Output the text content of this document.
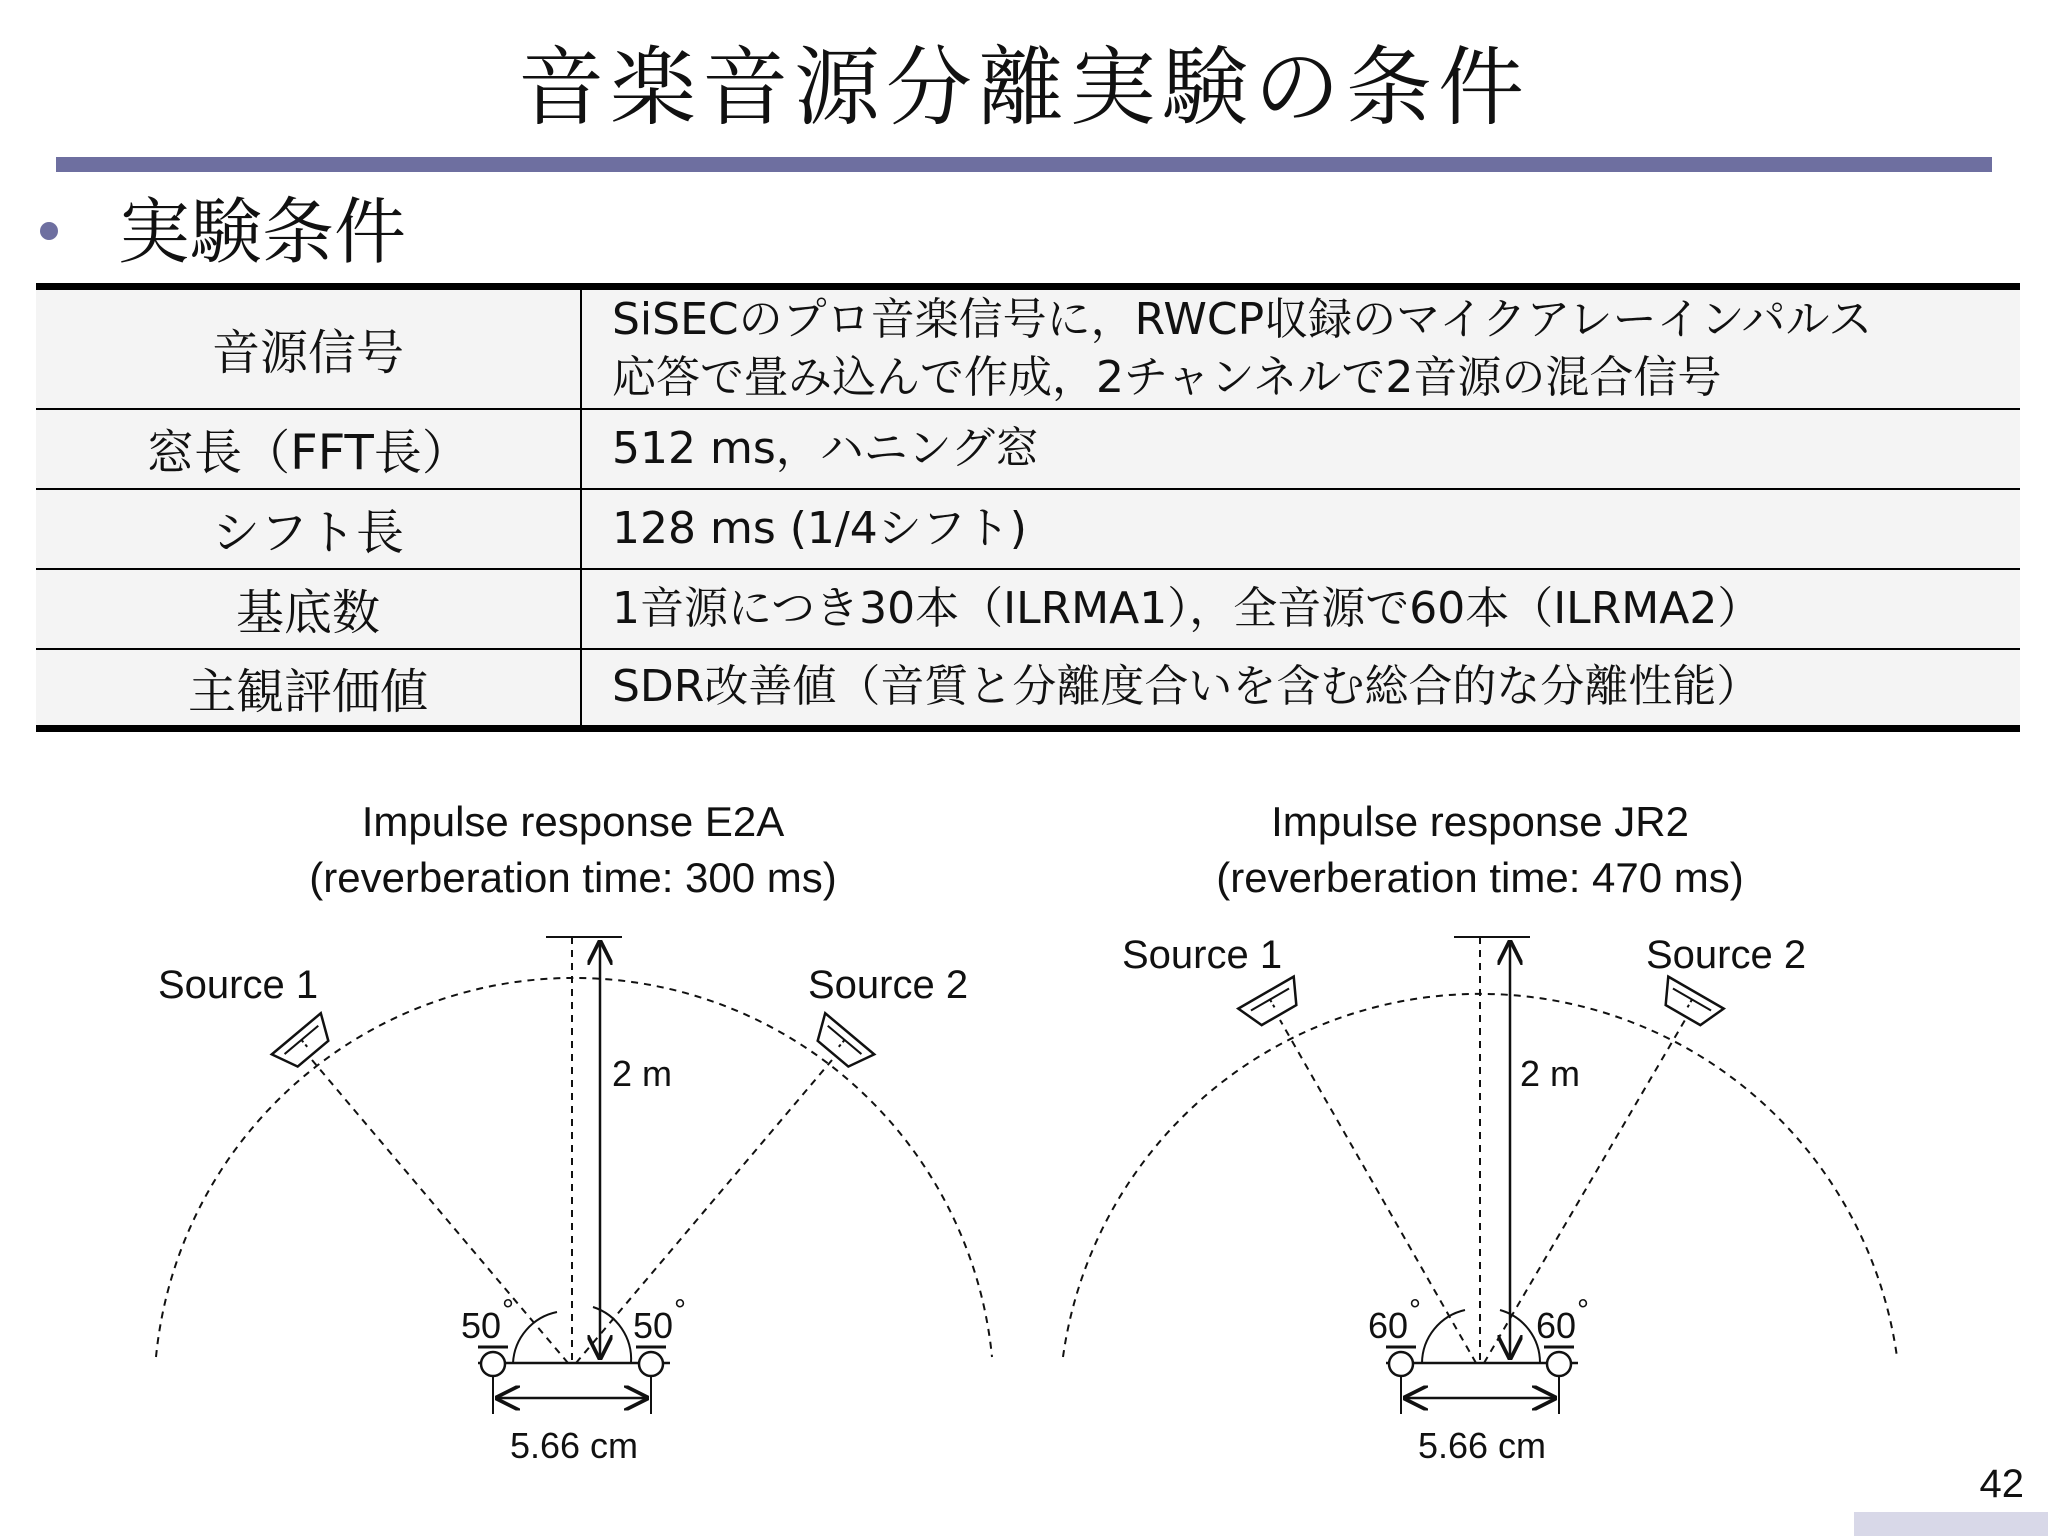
音楽音源分離実験の条件
実験条件
音源信号	SiSECのプロ音楽信号に，RWCP収録のマイクアレーインパルス
応答で畳み込んで作成，2チャンネルで2音源の混合信号

窓長（FFT長）	512 ms，ハニング窓
シフト長	128 ms (1/4シフト)
基底数	1音源につき30本（ILRMA1），全音源で60本（ILRMA2）
主観評価値	SDR改善値（音質と分離度合いを含む総合的な分離性能）
Impulse response E2A
(reverberation time: 300 ms)
Impulse response JR2
(reverberation time: 470 ms)
Source 1	Source 2
2 m
50 °	50 °
5.66 cm
Source 1	Source 2
2 m
60 °	60 °
5.66 cm
42
